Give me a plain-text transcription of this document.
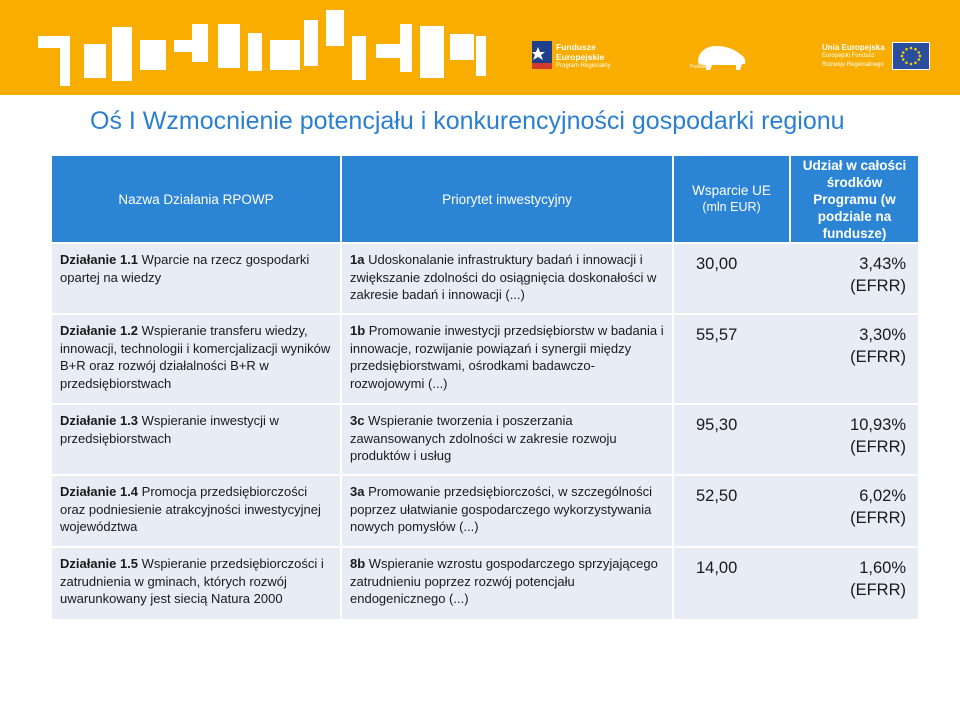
Fundusze
Europejskie
Program Regionalny	Podlaskie
Unia Europejska
Europejski Fundusz
Rozwoju Regionalnego
Oś I Wzmocnienie potencjału i konkurencyjności gospodarki regionu
Nazwa Działania RPOWP	Priorytet inwestycyjny	Wsparcie UE
(mln EUR)	Udział w całości środków Programu (w podziale na fundusze)
Działanie 1.1 Wparcie na rzecz gospodarki opartej na wiedzy	1a Udoskonalanie infrastruktury badań i innowacji i zwiększanie zdolności do osiągnięcia doskonałości w zakresie badań i innowacji (...)	30,00 3,43%
(EFRR)	

Działanie 1.2 Wspieranie transferu wiedzy, innowacji, technologii i komercjalizacji wyników B+R oraz rozwój działalności B+R w przedsiębiorstwach	1b Promowanie inwestycji przedsiębiorstw w badania i innowacje, rozwijanie powiązań i synergii między przedsiębiorstwami, ośrodkami badawczo-rozwojowymi (...)	55,57 3,30%
(EFRR)	

Działanie 1.3 Wspieranie inwestycji w przedsiębiorstwach	3c Wspieranie tworzenia i poszerzania zawansowanych zdolności w zakresie rozwoju produktów i usług	95,30 10,93%
(EFRR)	

Działanie 1.4 Promocja przedsiębiorczości oraz podniesienie atrakcyjności inwestycyjnej województwa	3a Promowanie przedsiębiorczości, w szczególności poprzez ułatwianie gospodarczego wykorzystywania nowych pomysłów (...)	52,50 6,02%
(EFRR)	

Działanie 1.5 Wspieranie przedsiębiorczości i zatrudnienia w gminach, których rozwój uwarunkowany jest siecią Natura 2000	8b Wspieranie wzrostu gospodarczego sprzyjającego zatrudnieniu poprzez rozwój potencjału endogenicznego (...)	14,00 1,60%
(EFRR)	
